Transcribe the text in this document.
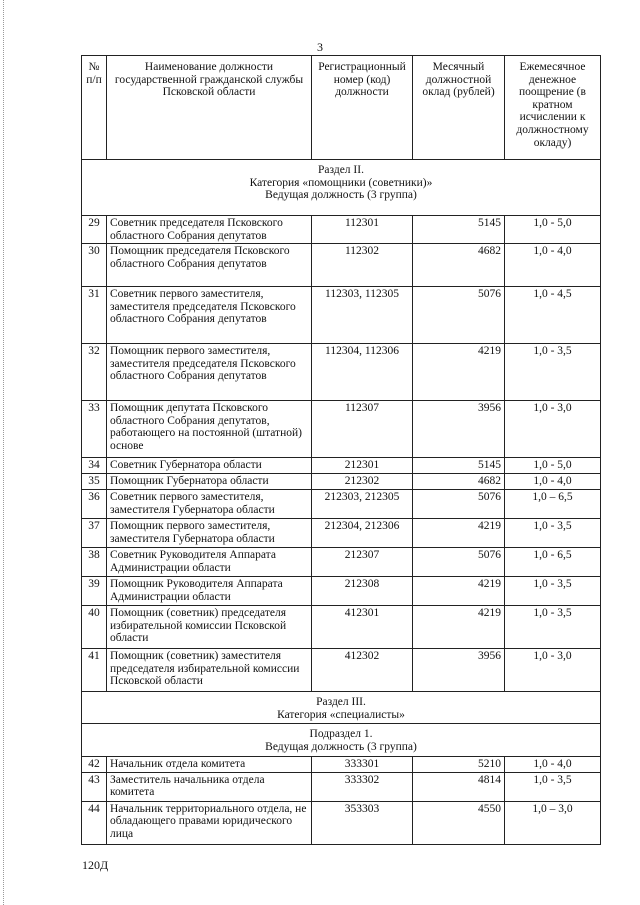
3
№ п/п	Наименование должности государственной гражданской службы Псковской области	Регистрационный номер (код) должности	Месячный должностной оклад (рублей)	Ежемесячное денежное поощрение (в кратном исчислении к должностному окладу)
Раздел II.
Категория «помощники (советники)»
Ведущая должность (3 группа)				
29	Советник председателя Псковского областного Собрания депутатов	112301	5145	1,0 - 5,0
30	Помощник председателя Псковского областного Собрания депутатов	112302	4682	1,0 - 4,0
31	Советник первого заместителя, заместителя председателя Псковского областного Собрания депутатов	112303, 112305	5076	1,0 - 4,5
32	Помощник первого заместителя, заместителя председателя Псковского областного Собрания депутатов	112304, 112306	4219	1,0 - 3,5
33	Помощник депутата Псковского областного Собрания депутатов, работающего на постоянной (штатной) основе	112307	3956	1,0 - 3,0
34	Советник Губернатора области	212301	5145	1,0 - 5,0
35	Помощник Губернатора области	212302	4682	1,0 - 4,0
36	Советник первого заместителя, заместителя Губернатора области	212303, 212305	5076	1,0 – 6,5
37	Помощник первого заместителя, заместителя Губернатора области	212304, 212306	4219	1,0 - 3,5
38	Советник Руководителя Аппарата Администрации области	212307	5076	1,0 - 6,5
39	Помощник Руководителя Аппарата Администрации области	212308	4219	1,0 - 3,5
40	Помощник (советник) председателя избирательной комиссии Псковской области	412301	4219	1,0 - 3,5
41	Помощник (советник) заместителя председателя избирательной комиссии Псковской области	412302	3956	1,0 - 3,0
Раздел III.
Категория «специалисты»				
Подраздел 1.
Ведущая должность (3 группа)				
42	Начальник отдела комитета	333301	5210	1,0 - 4,0
43	Заместитель начальника отдела комитета	333302	4814	1,0 - 3,5
44	Начальник территориального отдела, не обладающего правами юридического лица	353303	4550	1,0 – 3,0
120Д
